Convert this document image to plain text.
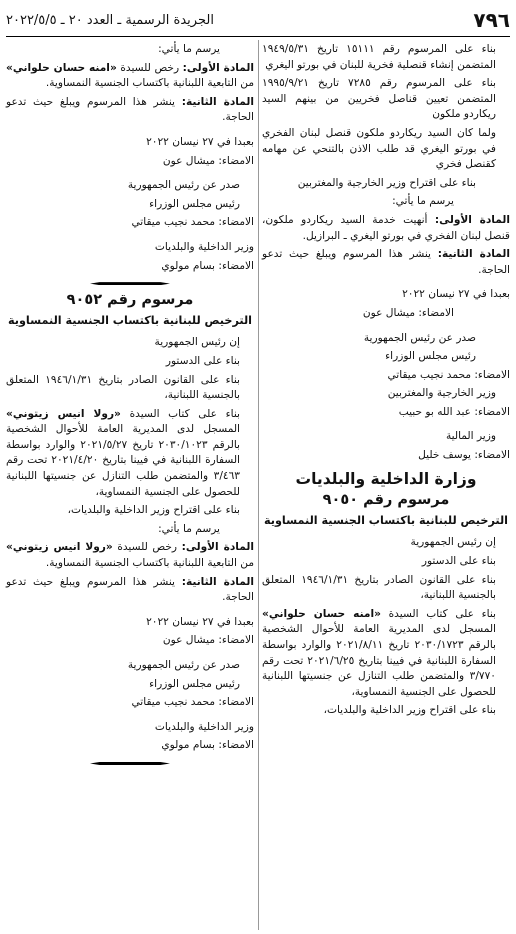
٧٩٦
الجريدة الرسمية ـ العدد ٢٠ ـ ٢٠٢٢/٥/٥

بناء على المرسوم رقم ١٥١١١ تاريخ ١٩٤٩/٥/٣١ المتضمن إنشاء قنصلية فخرية للبنان في بورتو اليغري

بناء على المرسوم رقم ٧٢٨٥ تاريخ ١٩٩٥/٩/٢١ المتضمن تعيين قناصل فخريين من بينهم السيد ريكاردو ملكون

ولما كان السيد ريكاردو ملكون قنصل لبنان الفخري في بورتو اليغري قد طلب الاذن بالتنحي عن مهامه كقنصل فخري

بناء على اقتراح وزير الخارجية والمغتربين

يرسم ما يأتي:

المادة الأولى: أنهيت خدمة السيد ريكاردو ملكون، قنصل لبنان الفخري في بورتو اليغري ـ البرازيل.

المادة الثانية: ينشر هذا المرسوم ويبلغ حيث تدعو الحاجة.

بعبدا في ٢٧ نيسان ٢٠٢٢

الامضاء: ميشال عون

صدر عن رئيس الجمهورية

رئيس مجلس الوزراء

الامضاء: محمد نجيب ميقاتي

وزير الخارجية والمغتربين

الامضاء: عبد الله بو حبيب

وزير المالية

الامضاء: يوسف خليل

وزارة الداخلية والبلديات
مرسوم رقم ٩٠٥٠
الترخيص للبنانية باكتساب الجنسية النمساوية

إن رئيس الجمهورية

بناء على الدستور

بناء على القانون الصادر بتاريخ ١٩٤٦/١/٣١ المتعلق بالجنسية اللبنانية،

بناء على كتاب السيدة «امنه حسان حلواني» المسجل لدى المديرية العامة للأحوال الشخصية بالرقم ٢٠٣٠/١٧٢٣ تاريخ ٢٠٢١/٨/١١ والوارد بواسطة السفارة اللبنانية في فيينا بتاريخ ٢٠٢١/٦/٢٥ تحت رقم ٣/٧٧٠ والمتضمن طلب التنازل عن جنسيتها اللبنانية للحصول على الجنسية النمساوية،

بناء على اقتراح وزير الداخلية والبلديات،

يرسم ما يأتي:

المادة الأولى: رخص للسيدة «امنه حسان حلواني» من التابعية اللبنانية باكتساب الجنسية النمساوية.

المادة الثانية: ينشر هذا المرسوم ويبلغ حيث تدعو الحاجة.

بعبدا في ٢٧ نيسان ٢٠٢٢

الامضاء: ميشال عون

صدر عن رئيس الجمهورية

رئيس مجلس الوزراء

الامضاء: محمد نجيب ميقاتي

وزير الداخلية والبلديات

الامضاء: بسام مولوي

مرسوم رقم ٩٠٥٢
الترخيص للبنانية باكتساب الجنسية النمساوية

إن رئيس الجمهورية

بناء على الدستور

بناء على القانون الصادر بتاريخ ١٩٤٦/١/٣١ المتعلق بالجنسية اللبنانية،

بناء على كتاب السيدة «رولا انيس زيتوني» المسجل لدى المديرية العامة للأحوال الشخصية بالرقم ٢٠٣٠/١٠٢٣ تاريخ ٢٠٢١/٥/٢٧ والوارد بواسطة السفارة اللبنانية في فيينا بتاريخ ٢٠٢١/٤/٢٠ تحت رقم ٣/٤٦٣ والمتضمن طلب التنازل عن جنسيتها اللبنانية للحصول على الجنسية النمساوية،

بناء على اقتراح وزير الداخلية والبلديات،

يرسم ما يأتي:

المادة الأولى: رخص للسيدة «رولا انيس زيتوني» من التابعية اللبنانية باكتساب الجنسية النمساوية.

المادة الثانية: ينشر هذا المرسوم ويبلغ حيث تدعو الحاجة.

بعبدا في ٢٧ نيسان ٢٠٢٢

الامضاء: ميشال عون

صدر عن رئيس الجمهورية

رئيس مجلس الوزراء

الامضاء: محمد نجيب ميقاتي

وزير الداخلية والبلديات

الامضاء: بسام مولوي
